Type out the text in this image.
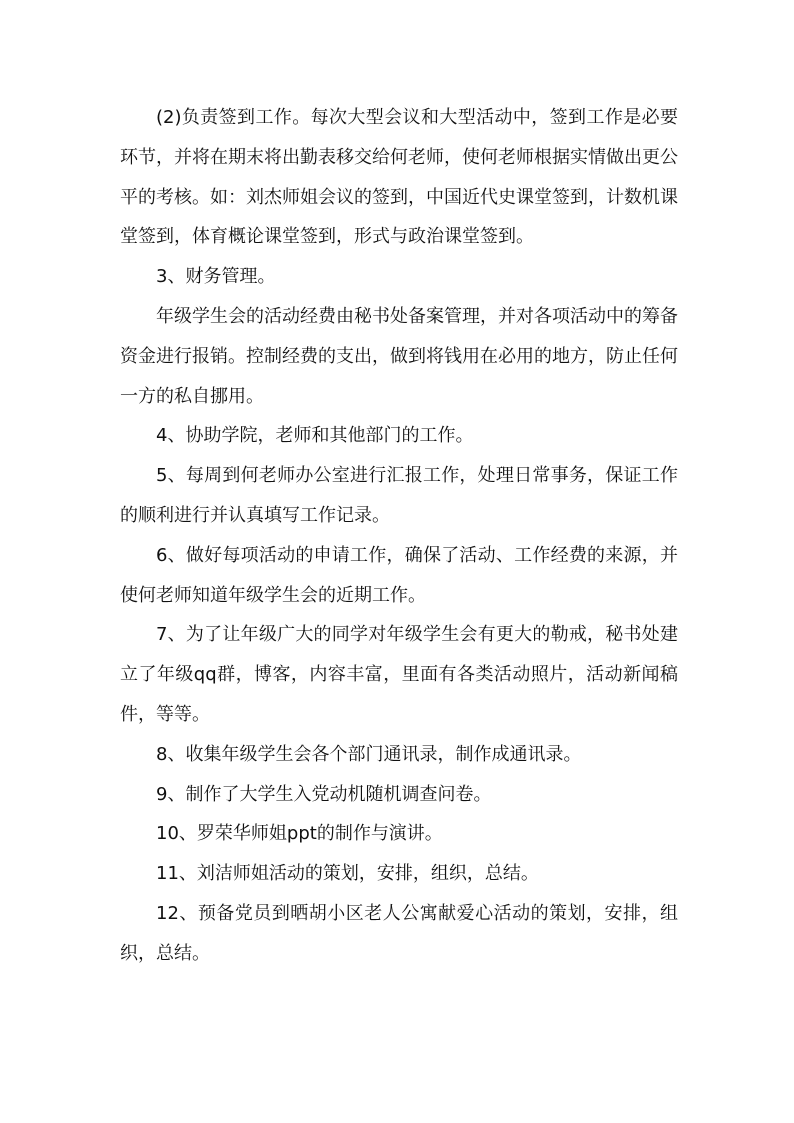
(2)负责签到工作。每次大型会议和大型活动中，签到工作是必要环节，并将在期末将出勤表移交给何老师，使何老师根据实情做出更公平的考核。如：刘杰师姐会议的签到，中国近代史课堂签到，计数机课堂签到，体育概论课堂签到，形式与政治课堂签到。

3、财务管理。

年级学生会的活动经费由秘书处备案管理，并对各项活动中的筹备资金进行报销。控制经费的支出，做到将钱用在必用的地方，防止任何一方的私自挪用。

4、协助学院，老师和其他部门的工作。

5、每周到何老师办公室进行汇报工作，处理日常事务，保证工作的顺利进行并认真填写工作记录。

6、做好每项活动的申请工作，确保了活动、工作经费的来源，并使何老师知道年级学生会的近期工作。

7、为了让年级广大的同学对年级学生会有更大的勒戒，秘书处建立了年级qq群，博客，内容丰富，里面有各类活动照片，活动新闻稿件，等等。

8、收集年级学生会各个部门通讯录，制作成通讯录。

9、制作了大学生入党动机随机调查问卷。

10、罗荣华师姐ppt的制作与演讲。

11、刘洁师姐活动的策划，安排，组织，总结。

12、预备党员到晒胡小区老人公寓献爱心活动的策划，安排，组织，总结。
